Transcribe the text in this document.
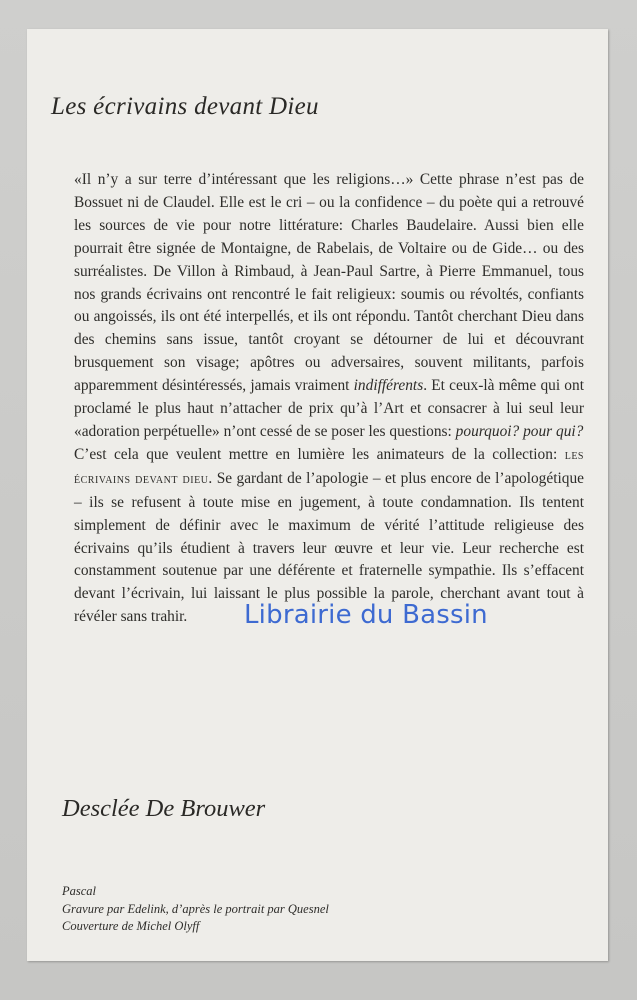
Les écrivains devant Dieu

«Il n’y a sur terre d’intéressant que les religions…» Cette phrase n’est pas de Bossuet ni de Claudel. Elle est le cri – ou la confidence – du poète qui a retrouvé les sources de vie pour notre littérature: Charles Baudelaire. Aussi bien elle pourrait être signée de Montaigne, de Rabelais, de Voltaire ou de Gide… ou des surréalistes. De Villon à Rimbaud, à Jean-Paul Sartre, à Pierre Emmanuel, tous nos grands écrivains ont rencontré le fait religieux: soumis ou révoltés, confiants ou angoissés, ils ont été interpellés, et ils ont répondu. Tantôt cherchant Dieu dans des chemins sans issue, tantôt croyant se détourner de lui et découvrant brusquement son visage; apôtres ou adversaires, souvent militants, parfois apparemment désintéressés, jamais vraiment indifférents. Et ceux-là même qui ont proclamé le plus haut n’attacher de prix qu’à l’Art et consacrer à lui seul leur «adoration perpétuelle» n’ont cessé de se poser les questions: pourquoi? pour qui?

C’est cela que veulent mettre en lumière les animateurs de la collection: les écrivains devant dieu. Se gardant de l’apologie – et plus encore de l’apologétique – ils se refusent à toute mise en jugement, à toute condamnation. Ils tentent simplement de définir avec le maximum de vérité l’attitude religieuse des écrivains qu’ils étudient à travers leur œuvre et leur vie. Leur recherche est constamment soutenue par une déférente et fraternelle sympathie. Ils s’effacent devant l’écrivain, lui laissant le plus possible la parole, cherchant avant tout à révéler sans trahir.

Desclée De Brouwer
Pascal
Gravure par Edelink, d’après le portrait par Quesnel
Couverture de Michel Olyff
Librairie du Bassin
